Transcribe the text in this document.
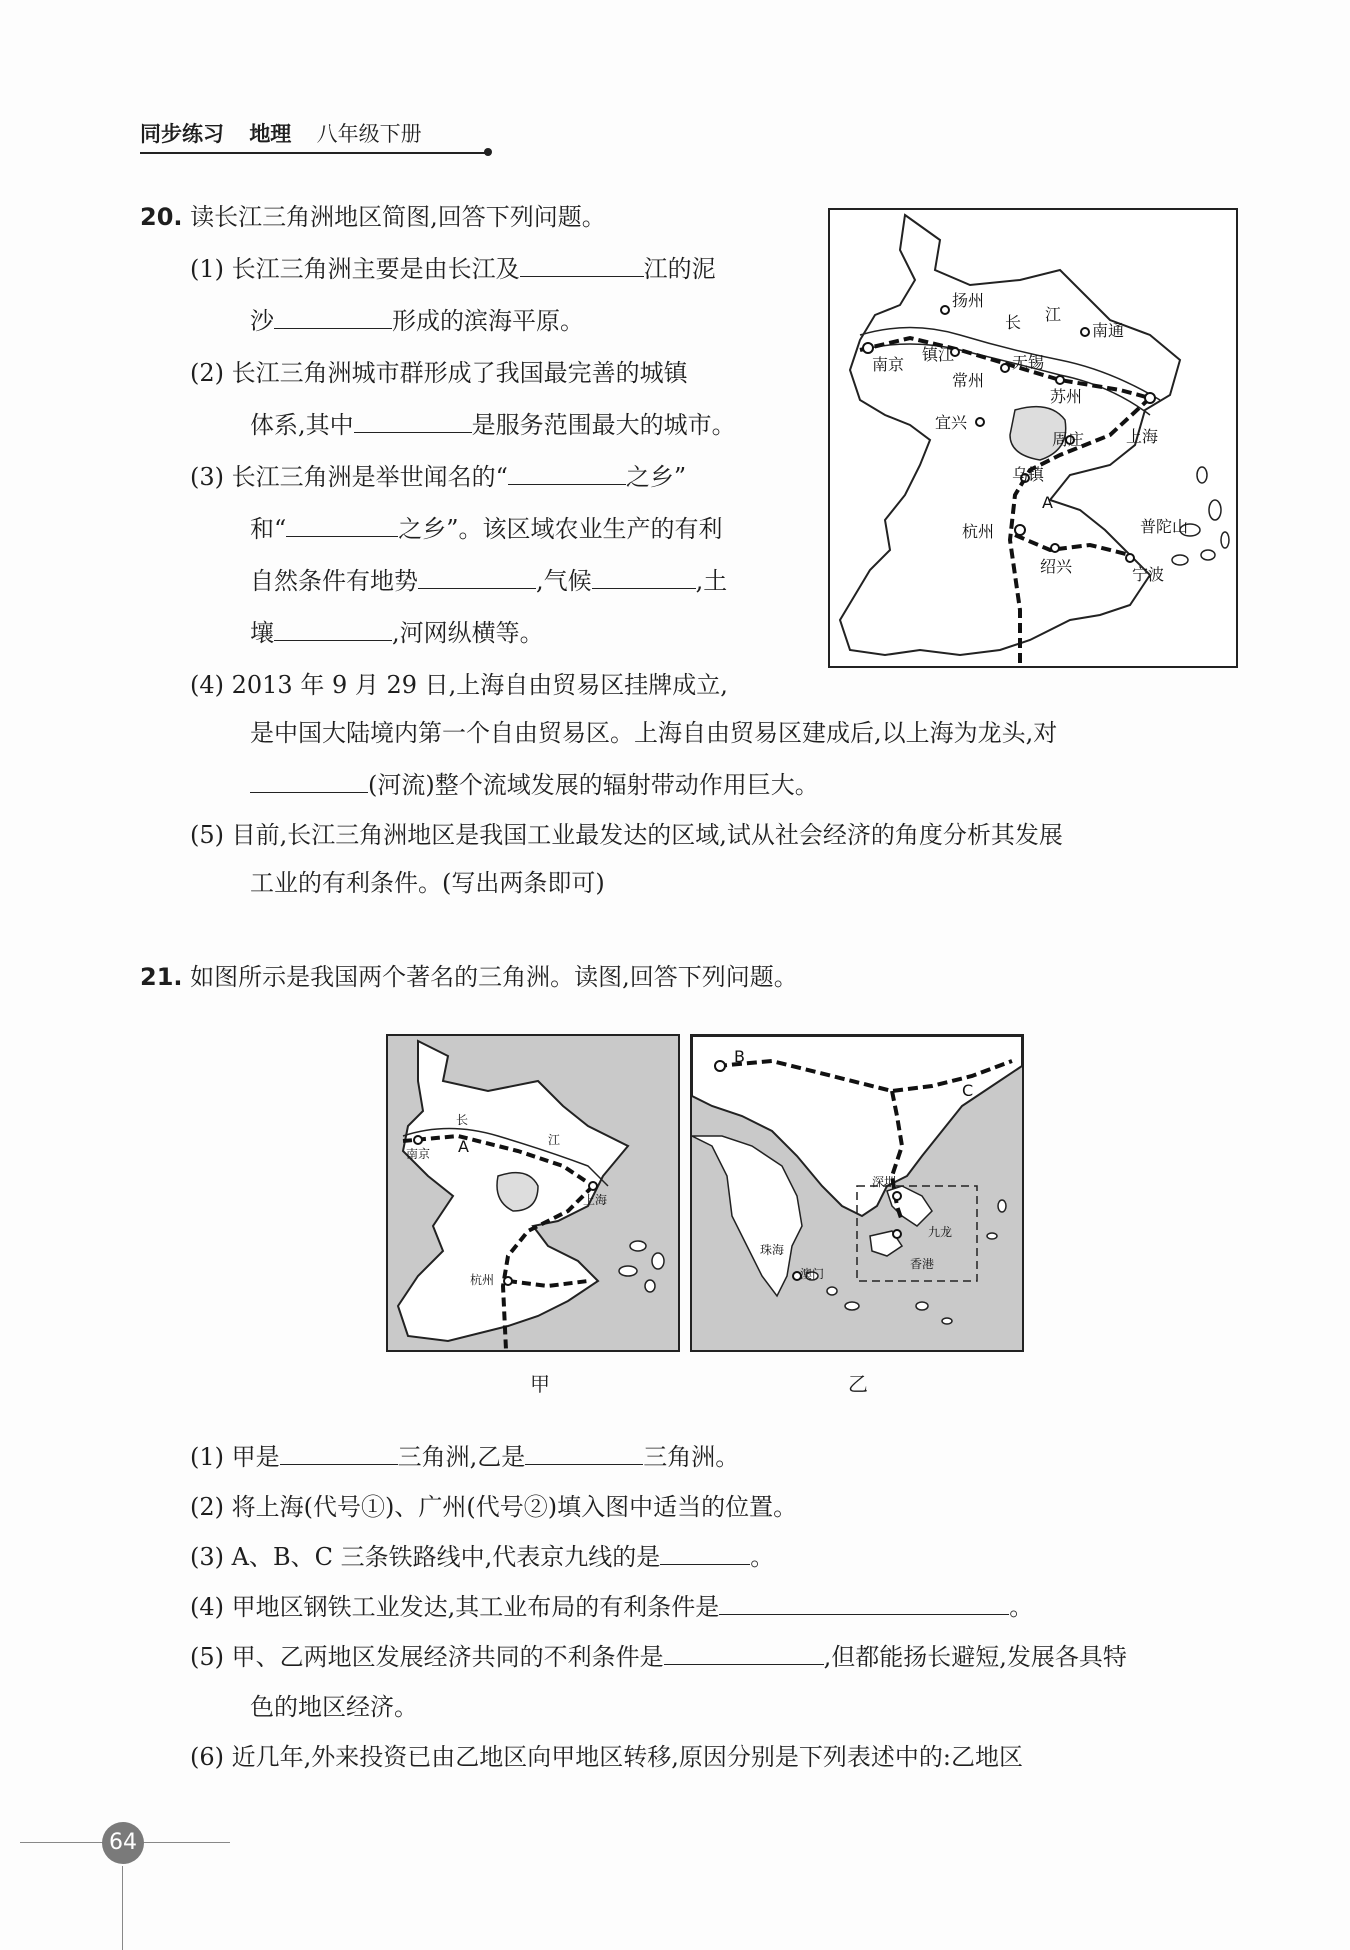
同步练习 地理 八年级下册
20. 读长江三角洲地区简图,回答下列问题。
(1) 长江三角洲主要是由长江及	江的泥
沙	形成的滨海平原。
(2) 长江三角洲城市群形成了我国最完善的城镇
体系,其中	是服务范围最大的城市。
(3) 长江三角洲是举世闻名的“	之乡”
和“	之乡”。该区域农业生产的有利
自然条件有地势	,气候	,土
壤	,河网纵横等。
(4) 2013 年 9 月 29 日,上海自由贸易区挂牌成立,
是中国大陆境内第一个自由贸易区。上海自由贸易区建成后,以上海为龙头,对
(河流)整个流域发展的辐射带动作用巨大。
(5) 目前,长江三角洲地区是我国工业最发达的区域,试从社会经济的角度分析其发展
工业的有利条件。(写出两条即可)
扬州
长 江
南通
南京
镇江
常州
无锡
苏州
宜兴
周庄	上海
乌镇
A
杭州	普陀山
绍兴	宁波
21. 如图所示是我国两个著名的三角洲。读图,回答下列问题。
长
江
南京 A
上海
杭州
B
C
深圳
珠海
澳门
九龙
香港
甲	乙
(1) 甲是	三角洲,乙是	三角洲。
(2) 将上海(代号①)、广州(代号②)填入图中适当的位置。
(3) A、B、C 三条铁路线中,代表京九线的是	。
(4) 甲地区钢铁工业发达,其工业布局的有利条件是	。
(5) 甲、乙两地区发展经济共同的不利条件是	,但都能扬长避短,发展各具特
色的地区经济。
(6) 近几年,外来投资已由乙地区向甲地区转移,原因分别是下列表述中的:乙地区
64
